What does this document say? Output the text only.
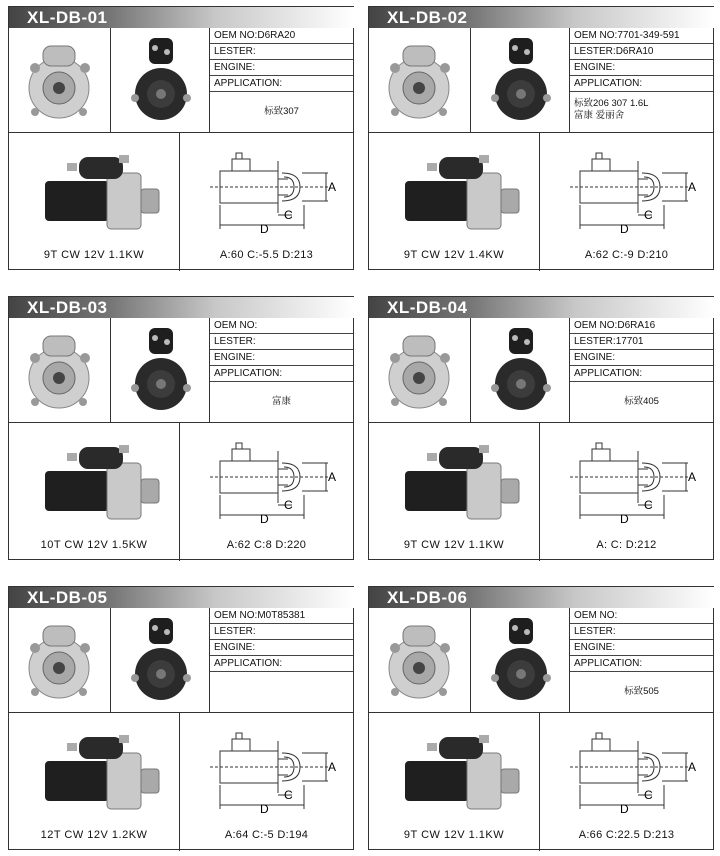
XL-DB-01
OEM NO:D6RA20
LESTER:
ENGINE:
APPLICATION:
标致307
9T CW 12V 1.1KW
A
C
D
A:60 C:-5.5 D:213
XL-DB-02
OEM NO:7701-349-591
LESTER:D6RA10
ENGINE:
APPLICATION:
标致206 307 1.6L
富康 爱丽舍
9T CW 12V 1.4KW
A
C
D
A:62 C:-9 D:210
XL-DB-03
OEM NO:
LESTER:
ENGINE:
APPLICATION:
富康
10T CW 12V 1.5KW
A
C
D
A:62 C:8 D:220
XL-DB-04
OEM NO:D6RA16
LESTER:17701
ENGINE:
APPLICATION:
标致405
9T CW 12V 1.1KW
A
C
D
A: C: D:212
XL-DB-05
OEM NO:M0T85381
LESTER:
ENGINE:
APPLICATION:
12T CW 12V 1.2KW
A
C
D
A:64 C:-5 D:194
XL-DB-06
OEM NO:
LESTER:
ENGINE:
APPLICATION:
标致505
9T CW 12V 1.1KW
A
C
D
A:66 C:22.5 D:213
